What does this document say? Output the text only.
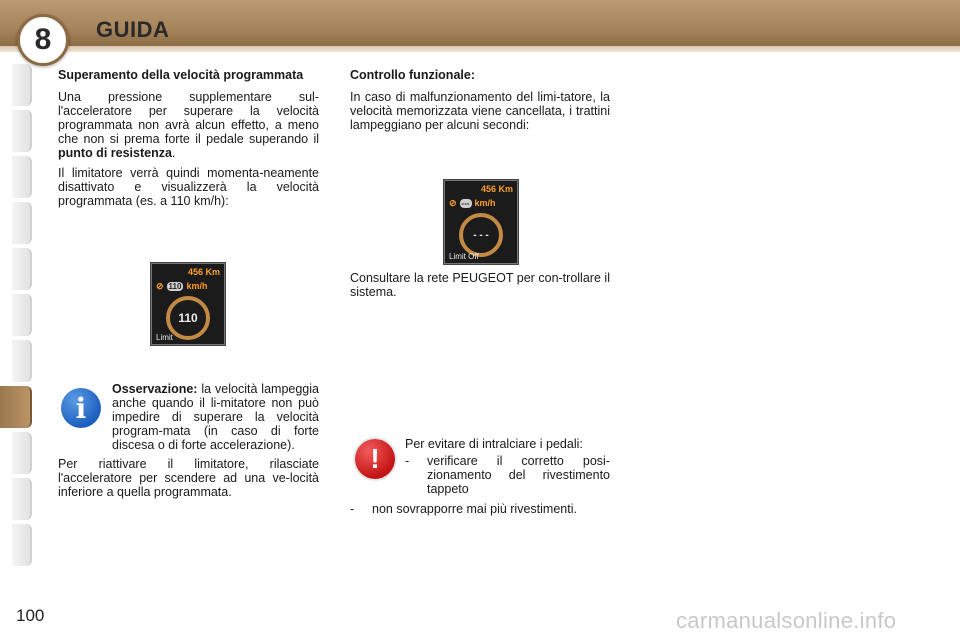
8	GUIDA
Superamento della velocità programmata

Una pressione supplementare sul-l'acceleratore per superare la velocità programmata non avrà alcun effetto, a meno che non si prema forte il pedale superando il punto di resistenza.

Il limitatore verrà quindi momenta-neamente disattivato e visualizzerà la velocità programmata (es. a 110 km/h):

456 Km
⊘ 110 km/h
110
Limit
i

Osservazione: la velocità lampeggia anche quando il li-mitatore non può impedire di superare la velocità program-mata (in caso di forte discesa o di forte accelerazione).

Per riattivare il limitatore, rilasciate l'acceleratore per scendere ad una ve-locità inferiore a quella programmata.

Controllo funzionale:

In caso di malfunzionamento del limi-tatore, la velocità memorizzata viene cancellata, i trattini lampeggiano per alcuni secondi:

456 Km
⊘ --- km/h
- - -
Limit Off

Consultare la rete PEUGEOT per con-trollare il sistema.

!	Per evitare di intralciare i pedali:

-	verificare il corretto posi-zionamento del rivestimento tappeto
-	non sovrapporre mai più rivestimenti.
100	carmanualsonline.info
